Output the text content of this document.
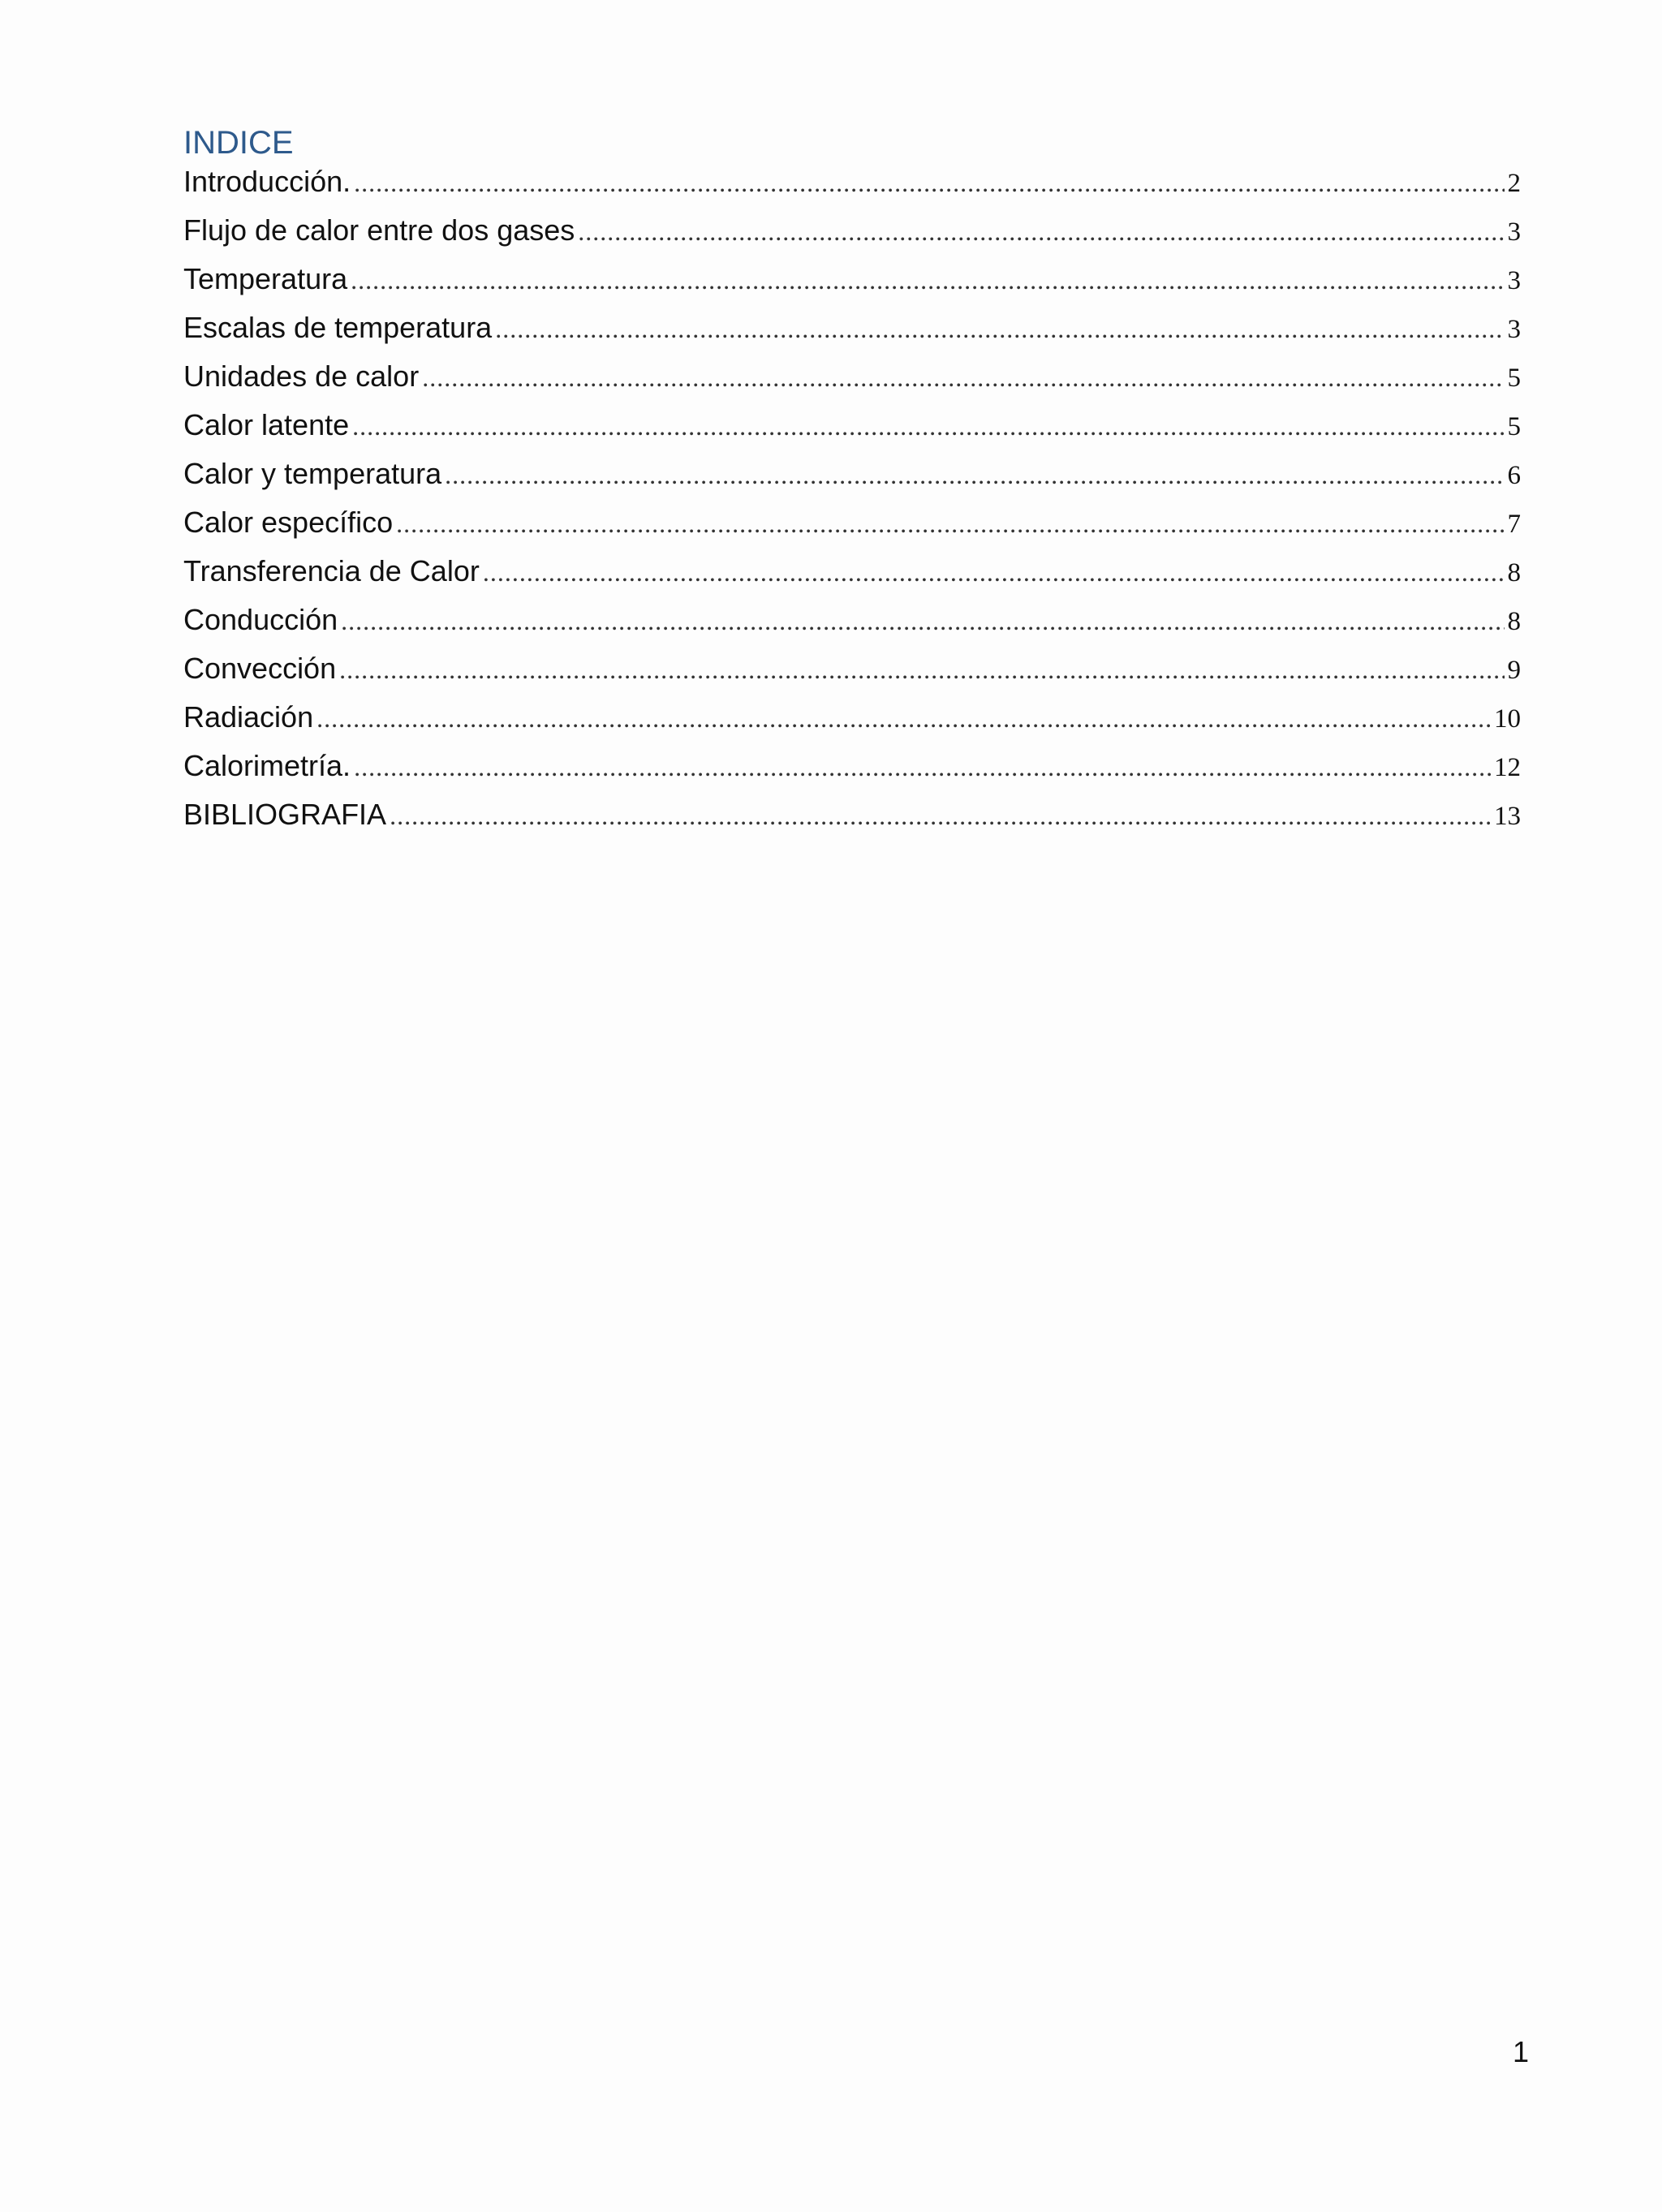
INDICE
Introducción. .....	2
Flujo de calor entre dos gases .....	3
Temperatura .....	3
Escalas de temperatura .....	3
Unidades de calor .....	5
Calor latente .....	5
Calor y temperatura .....	6
Calor específico .....	7
Transferencia de Calor .....	8
Conducción .....	8
Convección .....	9
Radiación .....	10
Calorimetría. .....	12
BIBLIOGRAFIA .....	13
1
